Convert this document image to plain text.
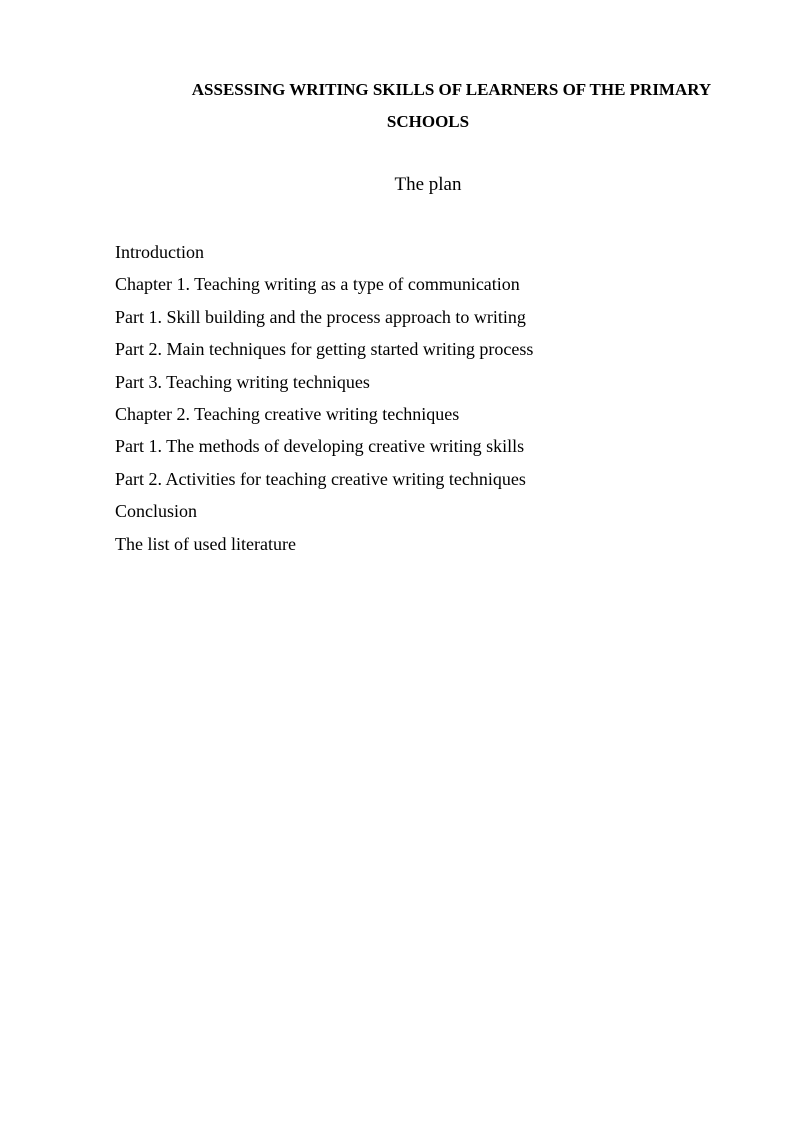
ASSESSING WRITING SKILLS OF LEARNERS OF THE PRIMARY SCHOOLS
The plan
Introduction
Chapter 1. Teaching writing as a type of communication
Part 1. Skill building and the process approach to writing
Part 2. Main techniques for getting started writing process
Part 3. Teaching writing techniques
Chapter 2. Teaching creative writing techniques
Part 1. The methods of developing creative writing skills
Part 2. Activities for teaching creative writing techniques
Conclusion
The list of used literature
